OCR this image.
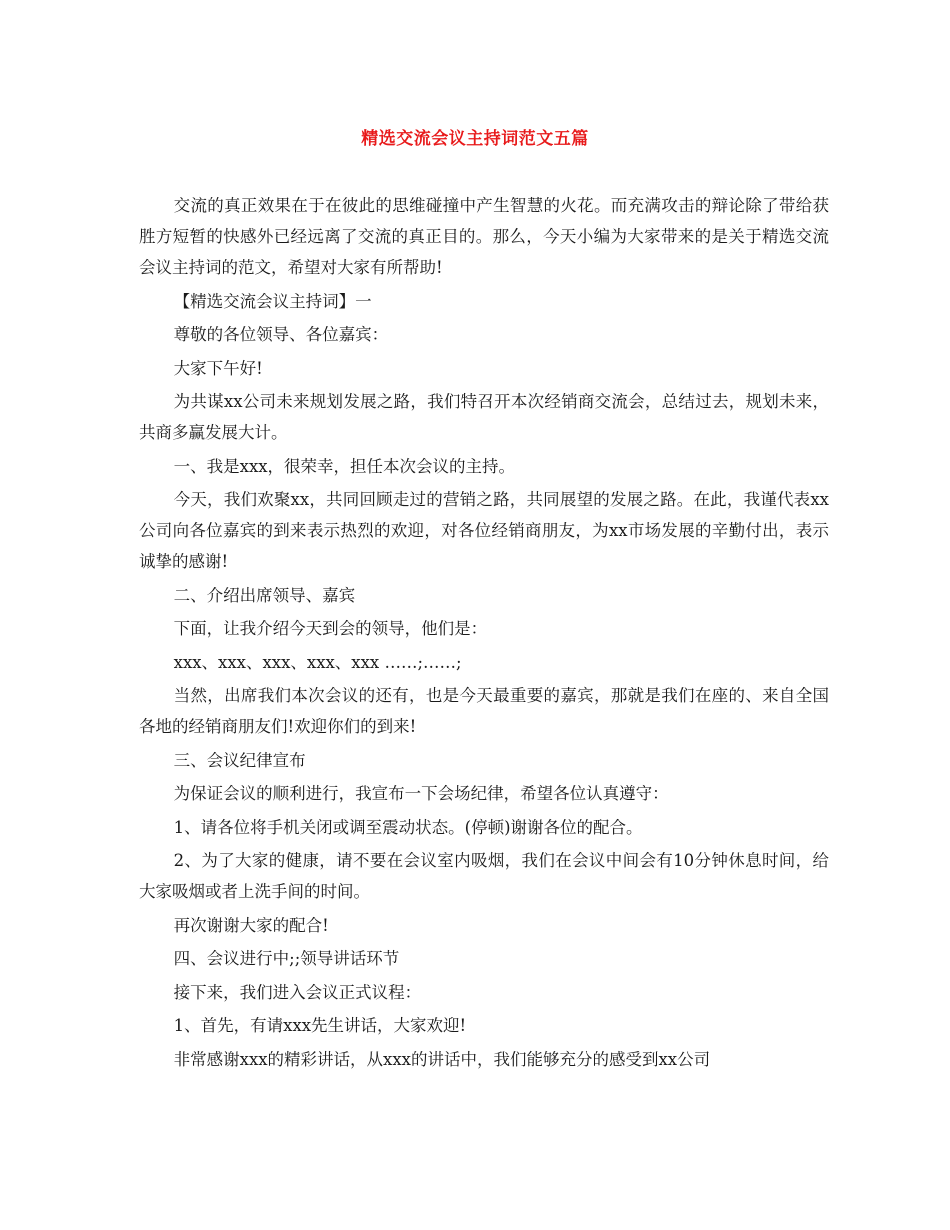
精选交流会议主持词范文五篇

交流的真正效果在于在彼此的思维碰撞中产生智慧的火花。而充满攻击的辩论除了带给获胜方短暂的快感外已经远离了交流的真正目的。那么，今天小编为大家带来的是关于精选交流会议主持词的范文，希望对大家有所帮助!

【精选交流会议主持词】一

尊敬的各位领导、各位嘉宾：

大家下午好!

为共谋xx公司未来规划发展之路，我们特召开本次经销商交流会，总结过去，规划未来，共商多赢发展大计。

一、我是xxx，很荣幸，担任本次会议的主持。

今天，我们欢聚xx，共同回顾走过的营销之路，共同展望的发展之路。在此，我谨代表xx公司向各位嘉宾的到来表示热烈的欢迎，对各位经销商朋友，为xx市场发展的辛勤付出，表示诚挚的感谢!

二、介绍出席领导、嘉宾

下面，让我介绍今天到会的领导，他们是：

xxx、xxx、xxx、xxx、xxx ……;……;

当然，出席我们本次会议的还有，也是今天最重要的嘉宾，那就是我们在座的、来自全国各地的经销商朋友们!欢迎你们的到来!

三、会议纪律宣布

为保证会议的顺利进行，我宣布一下会场纪律，希望各位认真遵守：

1、请各位将手机关闭或调至震动状态。(停顿)谢谢各位的配合。

2、为了大家的健康，请不要在会议室内吸烟，我们在会议中间会有10分钟休息时间，给大家吸烟或者上洗手间的时间。

再次谢谢大家的配合!

四、会议进行中;;领导讲话环节

接下来，我们进入会议正式议程：

1、首先，有请xxx先生讲话，大家欢迎!

非常感谢xxx的精彩讲话，从xxx的讲话中，我们能够充分的感受到xx公司
